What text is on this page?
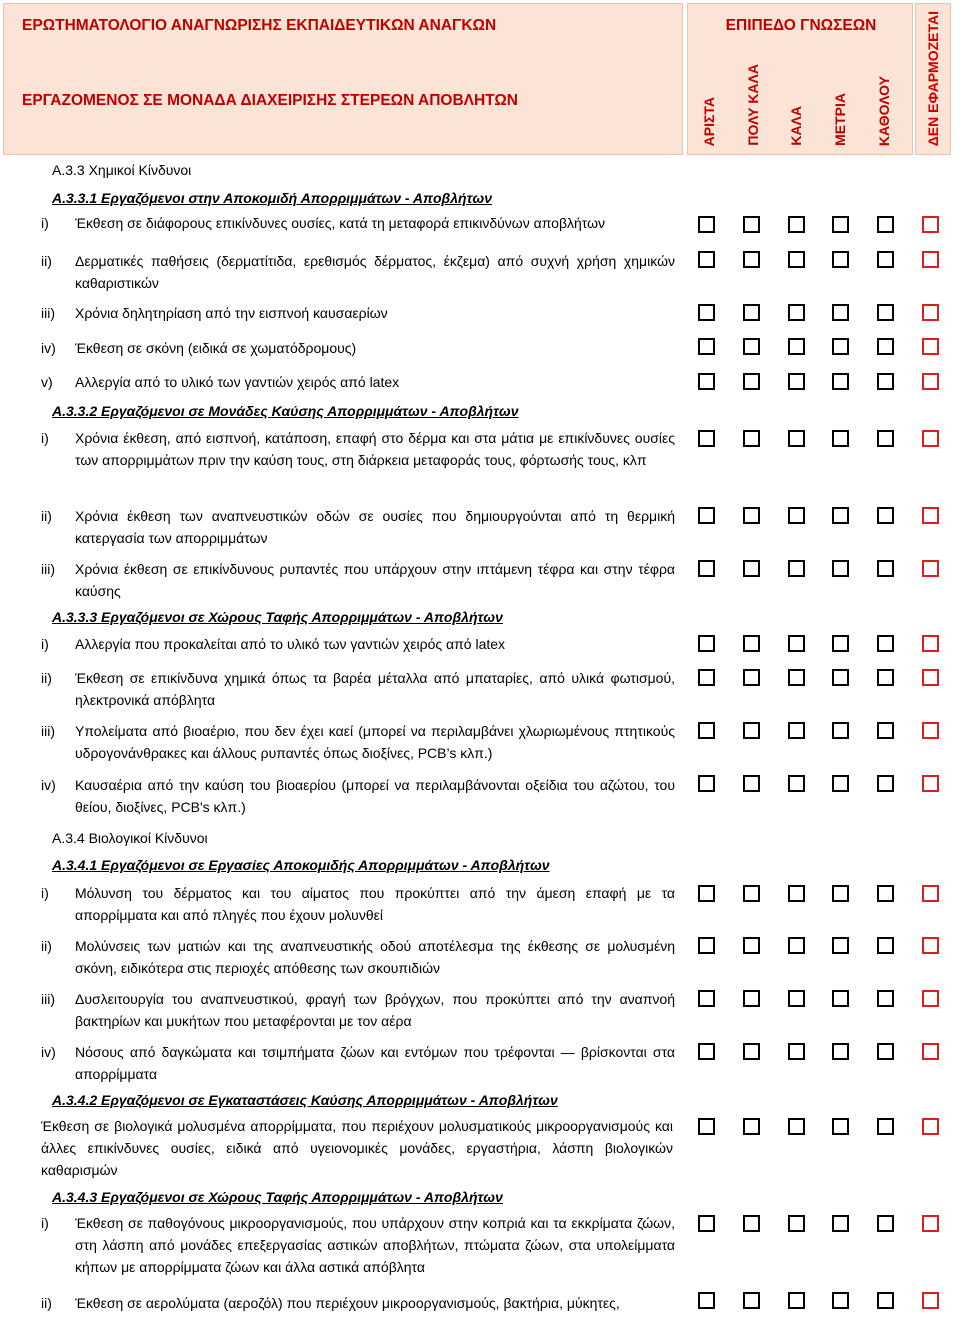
ΕΡΩΤΗΜΑΤΟΛΟΓΙΟ ΑΝΑΓΝΩΡΙΣΗΣ ΕΚΠΑΙΔΕΥΤΙΚΩΝ ΑΝΑΓΚΩΝ
ΕΡΓΑΖΟΜΕΝΟΣ ΣΕ ΜΟΝΑΔΑ ΔΙΑΧΕΙΡΙΣΗΣ ΣΤΕΡΕΩΝ ΑΠΟΒΛΗΤΩΝ
ΕΠΙΠΕΔΟ ΓΝΩΣΕΩΝ
ΑΡΙΣΤΑ ΠΟΛΥ ΚΑΛΑ ΚΑΛΑ ΜΕΤΡΙΑ ΚΑΘΟΛΟΥ ΔΕΝ ΕΦΑΡΜΟΖΕΤΑΙ
A.3.3 Χημικοί Κίνδυνοι
A.3.3.1 Εργαζόμενοι στην Αποκομιδή Απορριμμάτων - Αποβλήτων
i) Έκθεση σε διάφορους επικίνδυνες ουσίες, κατά τη μεταφορά επικινδύνων αποβλήτων
ii) Δερματικές παθήσεις (δερματίτιδα, ερεθισμός δέρματος, έκζεμα) από συχνή χρήση χημικών καθαριστικών
iii) Χρόνια δηλητηρίαση από την εισπνοή καυσαερίων
iv) Έκθεση σε σκόνη (ειδικά σε χωματόδρομους)
v) Αλλεργία από το υλικό των γαντιών χειρός από latex
A.3.3.2 Εργαζόμενοι σε Μονάδες Καύσης Απορριμμάτων - Αποβλήτων
i) Χρόνια έκθεση, από εισπνοή, κατάποση, επαφή στο δέρμα και στα μάτια με επικίνδυνες ουσίες των απορριμμάτων πριν την καύση τους, στη διάρκεια μεταφοράς τους, φόρτωσής τους, κλπ
ii) Χρόνια έκθεση των αναπνευστικών οδών σε ουσίες που δημιουργούνται από τη θερμική κατεργασία των απορριμμάτων
iii) Χρόνια έκθεση σε επικίνδυνους ρυπαντές που υπάρχουν στην ιπτάμενη τέφρα και στην τέφρα καύσης
A.3.3.3 Εργαζόμενοι σε Χώρους Ταφής Απορριμμάτων - Αποβλήτων
i) Αλλεργία που προκαλείται από το υλικό των γαντιών χειρός από latex
ii) Έκθεση σε επικίνδυνα χημικά όπως τα βαρέα μέταλλα από μπαταρίες, από υλικά φωτισμού, ηλεκτρονικά απόβλητα
iii) Υπολείματα από βιοαέριο, που δεν έχει καεί (μπορεί να περιλαμβάνει χλωριωμένους πτητικούς υδρογονάνθρακες και άλλους ρυπαντές όπως διοξίνες, PCB’s κλπ.)
iv) Καυσαέρια από την καύση του βιοαερίου (μπορεί να περιλαμβάνονται οξείδια του αζώτου, του θείου, διοξίνες, PCB's κλπ.)
A.3.4 Βιολογικοί Κίνδυνοι
A.3.4.1 Εργαζόμενοι σε Εργασίες Αποκομιδής Απορριμμάτων - Αποβλήτων
i) Μόλυνση του δέρματος και του αίματος που προκύπτει από την άμεση επαφή με τα απορρίμματα και από πληγές που έχουν μολυνθεί
ii) Μολύνσεις των ματιών και της αναπνευστικής οδού αποτέλεσμα της έκθεσης σε μολυσμένη σκόνη, ειδικότερα στις περιοχές απόθεσης των σκουπιδιών
iii) Δυσλειτουργία του αναπνευστικού, φραγή των βρόγχων, που προκύπτει από την αναπνοή βακτηρίων και μυκήτων που μεταφέρονται με τον αέρα
iv) Νόσους από δαγκώματα και τσιμπήματα ζώων και εντόμων που τρέφονται — βρίσκονται στα απορρίμματα
A.3.4.2 Εργαζόμενοι σε Εγκαταστάσεις Καύσης Απορριμμάτων - Αποβλήτων
Έκθεση σε βιολογικά μολυσμένα απορρίμματα, που περιέχουν μολυσματικούς μικροοργανισμούς και άλλες επικίνδυνες ουσίες, ειδικά από υγειονομικές μονάδες, εργαστήρια, λάσπη βιολογικών καθαρισμών
A.3.4.3 Εργαζόμενοι σε Χώρους Ταφής Απορριμμάτων - Αποβλήτων
i) Έκθεση σε παθογόνους μικροοργανισμούς, που υπάρχουν στην κοπριά και τα εκκρίματα ζώων, στη λάσπη από μονάδες επεξεργασίας αστικών αποβλήτων, πτώματα ζώων, στα υπολείμματα κήπων με απορρίμματα ζώων και άλλα αστικά απόβλητα
ii) Έκθεση σε αερολύματα (αεροζόλ) που περιέχουν μικροοργανισμούς, βακτήρια, μύκητες,
